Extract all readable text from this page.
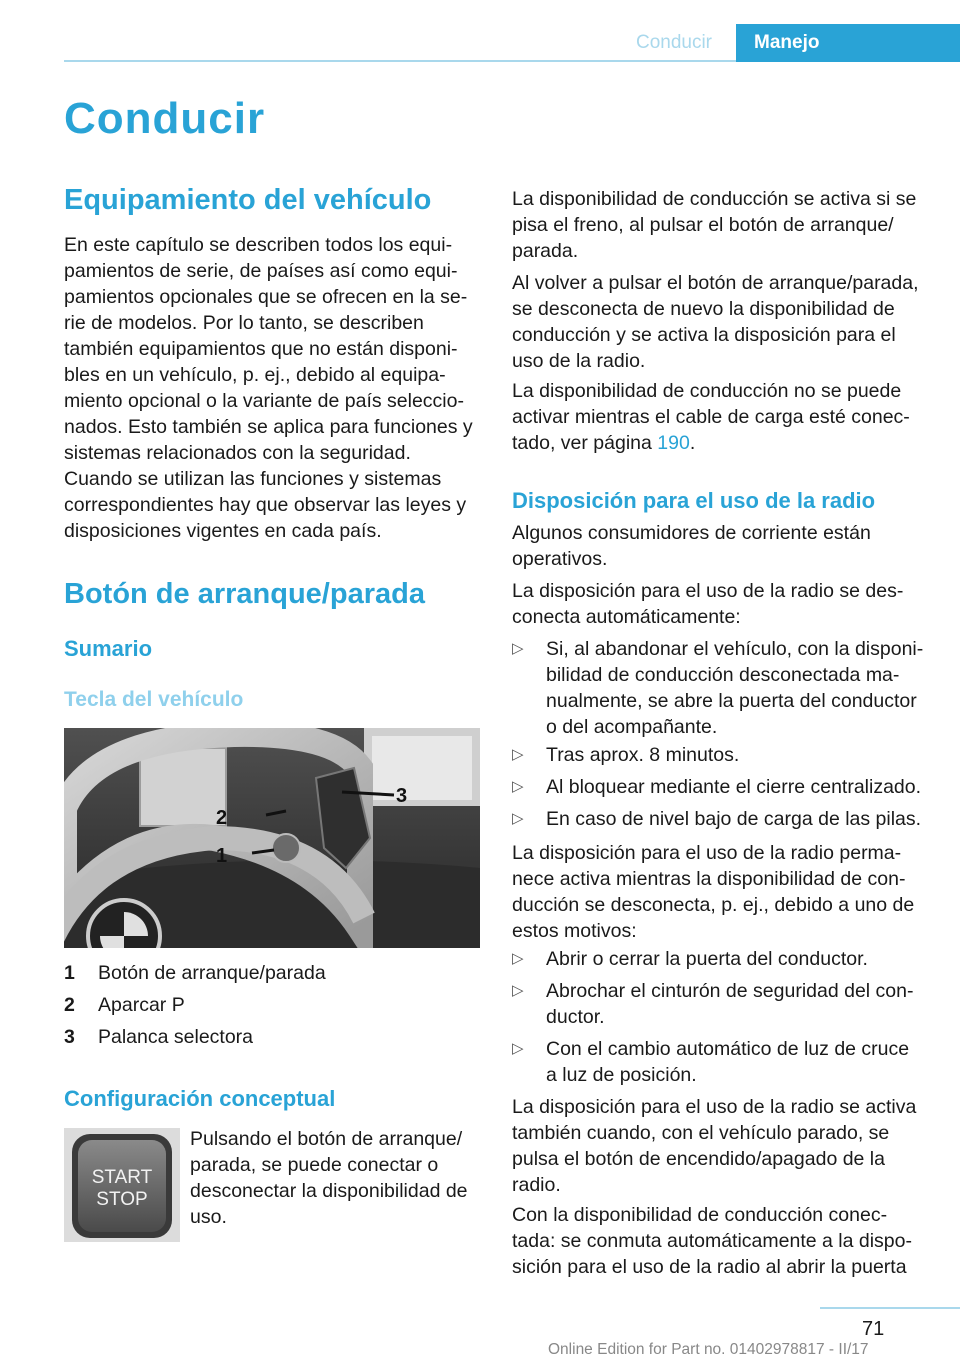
Conducir	Manejo
Conducir
Equipamiento del vehículo
En este capítulo se describen todos los equi‐
pamientos de serie, de países así como equi‐
pamientos opcionales que se ofrecen en la se‐
rie de modelos. Por lo tanto, se describen
también equipamientos que no están disponi‐
bles en un vehículo, p. ej., debido al equipa‐
miento opcional o la variante de país seleccio‐
nados. Esto también se aplica para funciones y
sistemas relacionados con la seguridad.
Cuando se utilizan las funciones y sistemas
correspondientes hay que observar las leyes y
disposiciones vigentes en cada país.
Botón de arranque/parada
Sumario
Tecla del vehículo
2
1
3
1 Botón de arranque/parada
2 Aparcar P
3 Palanca selectora
Configuración conceptual
START
STOP
Pulsando el botón de arranque/
parada, se puede conectar o
desconectar la disponibilidad de
uso.
La disponibilidad de conducción se activa si se
pisa el freno, al pulsar el botón de arranque/
parada.
Al volver a pulsar el botón de arranque/parada,
se desconecta de nuevo la disponibilidad de
conducción y se activa la disposición para el
uso de la radio.
La disponibilidad de conducción no se puede
activar mientras el cable de carga esté conec‐
tado, ver página 190.
Disposición para el uso de la radio
Algunos consumidores de corriente están
operativos.
La disposición para el uso de la radio se des‐
conecta automáticamente:
▷ Si, al abandonar el vehículo, con la disponi‐
bilidad de conducción desconectada ma‐
nualmente, se abre la puerta del conductor
o del acompañante.
▷ Tras aprox. 8 minutos.
▷ Al bloquear mediante el cierre centralizado.
▷ En caso de nivel bajo de carga de las pilas.
La disposición para el uso de la radio perma‐
nece activa mientras la disponibilidad de con‐
ducción se desconecta, p. ej., debido a uno de
estos motivos:
▷ Abrir o cerrar la puerta del conductor.
▷ Abrochar el cinturón de seguridad del con‐
ductor.
▷ Con el cambio automático de luz de cruce
a luz de posición.
La disposición para el uso de la radio se activa
también cuando, con el vehículo parado, se
pulsa el botón de encendido/apagado de la
radio.
Con la disponibilidad de conducción conec‐
tada: se conmuta automáticamente a la dispo‐
sición para el uso de la radio al abrir la puerta
71
Online Edition for Part no. 01402978817 - II/17
